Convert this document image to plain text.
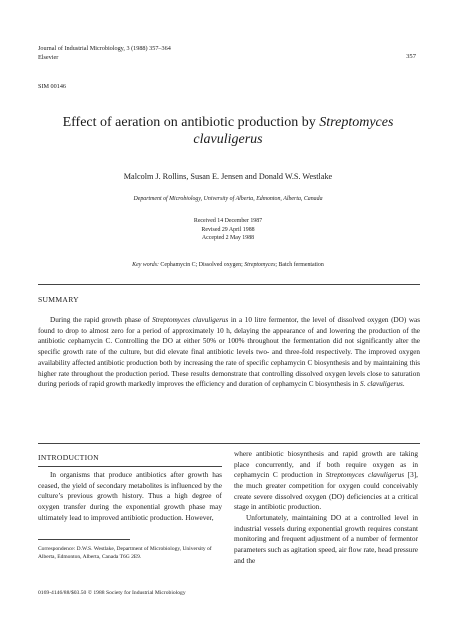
Journal of Industrial Microbiology, 3 (1988) 357–364
Elsevier	357
SIM 00146
Effect of aeration on antibiotic production by Streptomyces
clavuligerus
Malcolm J. Rollins, Susan E. Jensen and Donald W.S. Westlake
Department of Microbiology, University of Alberta, Edmonton, Alberta, Canada
Received 14 December 1987
Revised 29 April 1988
Accepted 2 May 1988
Key words: Cephamycin C; Dissolved oxygen; Streptomyces; Batch fermentation
SUMMARY

During the rapid growth phase of Streptomyces clavuligerus in a 10 litre fermentor, the level of dissolved oxygen (DO) was found to drop to almost zero for a period of approximately 10 h, delaying the appearance of and lowering the production of the antibiotic cephamycin C. Controlling the DO at either 50% or 100% throughout the fermentation did not significantly alter the specific growth rate of the culture, but did elevate final antibiotic levels two- and three-fold respectively. The improved oxygen availability affected antibiotic production both by increasing the rate of specific cephamycin C biosynthesis and by maintaining this higher rate throughout the production period. These results demonstrate that controlling dissolved oxygen levels close to saturation during periods of rapid growth markedly improves the efficiency and duration of cephamycin C biosynthesis in S. clavuligerus.

INTRODUCTION

In organisms that produce antibiotics after growth has ceased, the yield of secondary metabolites is influenced by the culture’s previous growth history. Thus a high degree of oxygen transfer during the exponential growth phase may ultimately lead to improved antibiotic production. However,

where antibiotic biosynthesis and rapid growth are taking place concurrently, and if both require oxygen as in cephamycin C production in Streptomyces clavuligerus [3], the much greater competition for oxygen could conceivably create severe dissolved oxygen (DO) deficiencies at a critical stage in antibiotic production.

Unfortunately, maintaining DO at a controlled level in industrial vessels during exponential growth requires constant monitoring and frequent adjustment of a number of fermentor parameters such as agitation speed, air flow rate, head pressure and the

Correspondence: D.W.S. Westlake, Department of Microbiology, University of Alberta, Edmonton, Alberta, Canada T6G 2E9.
0169-4146/88/$03.50 © 1988 Society for Industrial Microbiology
